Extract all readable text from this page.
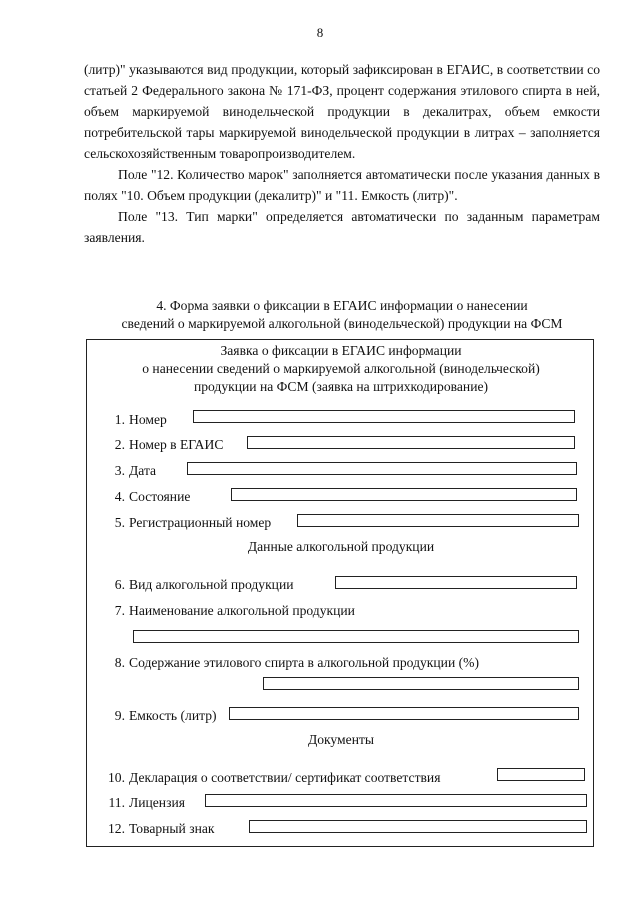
8

(литр)" указываются вид продукции, который зафиксирован в ЕГАИС, в соответствии со статьей 2 Федерального закона № 171-ФЗ, процент содержания этилового спирта в ней, объем маркируемой винодельческой продукции в декалитрах, объем емкости потребительской тары маркируемой винодельческой продукции в литрах – заполняется сельскохозяйственным товаропроизводителем.

Поле "12. Количество марок" заполняется автоматически после указания данных в полях "10. Объем продукции (декалитр)" и "11. Емкость (литр)".

Поле "13. Тип марки" определяется автоматически по заданным параметрам заявления.

4. Форма заявки о фиксации в ЕГАИС информации о нанесении
сведений о маркируемой алкогольной (винодельческой) продукции на ФСМ
Заявка о фиксации в ЕГАИС информации
о нанесении сведений о маркируемой алкогольной (винодельческой)
продукции на ФСМ (заявка на штрихкодирование)
1. Номер
2. Номер в ЕГАИС
3. Дата
4. Состояние
5. Регистрационный номер
Данные алкогольной продукции
6. Вид алкогольной продукции
7. Наименование алкогольной продукции
8. Содержание этилового спирта в алкогольной продукции (%)
9. Емкость (литр)
Документы
10. Декларация о соответствии/ сертификат соответствия
11. Лицензия
12. Товарный знак
